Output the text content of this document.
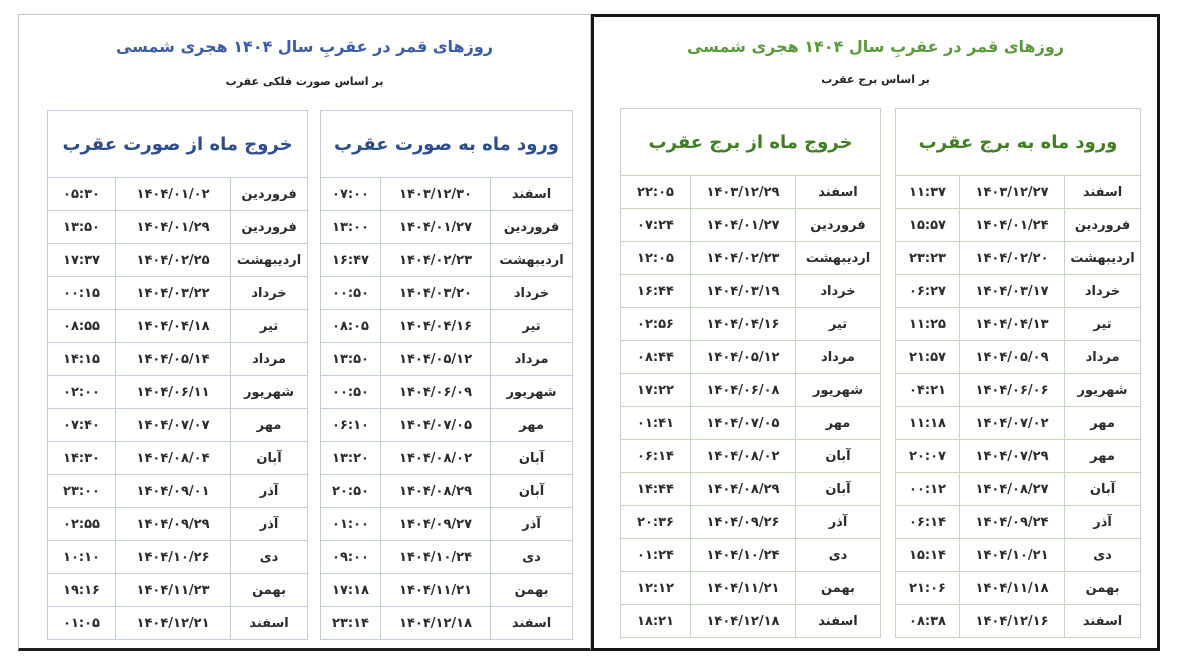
روزهای قمر در عقربِ سال ۱۴۰۴ هجری شمسی
بر اساس صورت فلکی عقرب
ورود ماه به صورت عقرب		
اسفند	۱۴۰۳/۱۲/۳۰	۰۷:۰۰
فروردین	۱۴۰۴/۰۱/۲۷	۱۳:۰۰
اردیبهشت	۱۴۰۴/۰۲/۲۳	۱۶:۴۷
خرداد	۱۴۰۴/۰۳/۲۰	۰۰:۵۰
تیر	۱۴۰۴/۰۴/۱۶	۰۸:۰۵
مرداد	۱۴۰۴/۰۵/۱۲	۱۳:۵۰
شهریور	۱۴۰۴/۰۶/۰۹	۰۰:۵۰
مهر	۱۴۰۴/۰۷/۰۵	۰۶:۱۰
آبان	۱۴۰۴/۰۸/۰۲	۱۳:۲۰
آبان	۱۴۰۴/۰۸/۲۹	۲۰:۵۰
آذر	۱۴۰۴/۰۹/۲۷	۰۱:۰۰
دی	۱۴۰۴/۱۰/۲۴	۰۹:۰۰
بهمن	۱۴۰۴/۱۱/۲۱	۱۷:۱۸
اسفند	۱۴۰۴/۱۲/۱۸	۲۳:۱۴
خروج ماه از صورت عقرب		
فروردین	۱۴۰۴/۰۱/۰۲	۰۵:۳۰
فروردین	۱۴۰۴/۰۱/۲۹	۱۳:۵۰
اردیبهشت	۱۴۰۴/۰۲/۲۵	۱۷:۳۷
خرداد	۱۴۰۴/۰۳/۲۲	۰۰:۱۵
تیر	۱۴۰۴/۰۴/۱۸	۰۸:۵۵
مرداد	۱۴۰۴/۰۵/۱۴	۱۴:۱۵
شهریور	۱۴۰۴/۰۶/۱۱	۰۲:۰۰
مهر	۱۴۰۴/۰۷/۰۷	۰۷:۴۰
آبان	۱۴۰۴/۰۸/۰۴	۱۴:۳۰
آذر	۱۴۰۴/۰۹/۰۱	۲۳:۰۰
آذر	۱۴۰۴/۰۹/۲۹	۰۲:۵۵
دی	۱۴۰۴/۱۰/۲۶	۱۰:۱۰
بهمن	۱۴۰۴/۱۱/۲۳	۱۹:۱۶
اسفند	۱۴۰۴/۱۲/۲۱	۰۱:۰۵
روزهای قمر در عقربِ سال ۱۴۰۴ هجری شمسی
بر اساس برج عقرب
ورود ماه به برج عقرب		
اسفند	۱۴۰۳/۱۲/۲۷	۱۱:۳۷
فروردین	۱۴۰۴/۰۱/۲۴	۱۵:۵۷
اردیبهشت	۱۴۰۴/۰۲/۲۰	۲۳:۲۳
خرداد	۱۴۰۴/۰۳/۱۷	۰۶:۲۷
تیر	۱۴۰۴/۰۴/۱۳	۱۱:۲۵
مرداد	۱۴۰۴/۰۵/۰۹	۲۱:۵۷
شهریور	۱۴۰۴/۰۶/۰۶	۰۴:۲۱
مهر	۱۴۰۴/۰۷/۰۲	۱۱:۱۸
مهر	۱۴۰۴/۰۷/۲۹	۲۰:۰۷
آبان	۱۴۰۴/۰۸/۲۷	۰۰:۱۲
آذر	۱۴۰۴/۰۹/۲۴	۰۶:۱۴
دی	۱۴۰۴/۱۰/۲۱	۱۵:۱۴
بهمن	۱۴۰۴/۱۱/۱۸	۲۱:۰۶
اسفند	۱۴۰۴/۱۲/۱۶	۰۸:۳۸
خروج ماه از برج عقرب		
اسفند	۱۴۰۳/۱۲/۲۹	۲۲:۰۵
فروردین	۱۴۰۴/۰۱/۲۷	۰۷:۲۴
اردیبهشت	۱۴۰۴/۰۲/۲۳	۱۲:۰۵
خرداد	۱۴۰۴/۰۳/۱۹	۱۶:۴۴
تیر	۱۴۰۴/۰۴/۱۶	۰۲:۵۶
مرداد	۱۴۰۴/۰۵/۱۲	۰۸:۴۴
شهریور	۱۴۰۴/۰۶/۰۸	۱۷:۲۲
مهر	۱۴۰۴/۰۷/۰۵	۰۱:۴۱
آبان	۱۴۰۴/۰۸/۰۲	۰۶:۱۴
آبان	۱۴۰۴/۰۸/۲۹	۱۴:۴۴
آذر	۱۴۰۴/۰۹/۲۶	۲۰:۳۶
دی	۱۴۰۴/۱۰/۲۴	۰۱:۲۴
بهمن	۱۴۰۴/۱۱/۲۱	۱۲:۱۲
اسفند	۱۴۰۴/۱۲/۱۸	۱۸:۲۱
